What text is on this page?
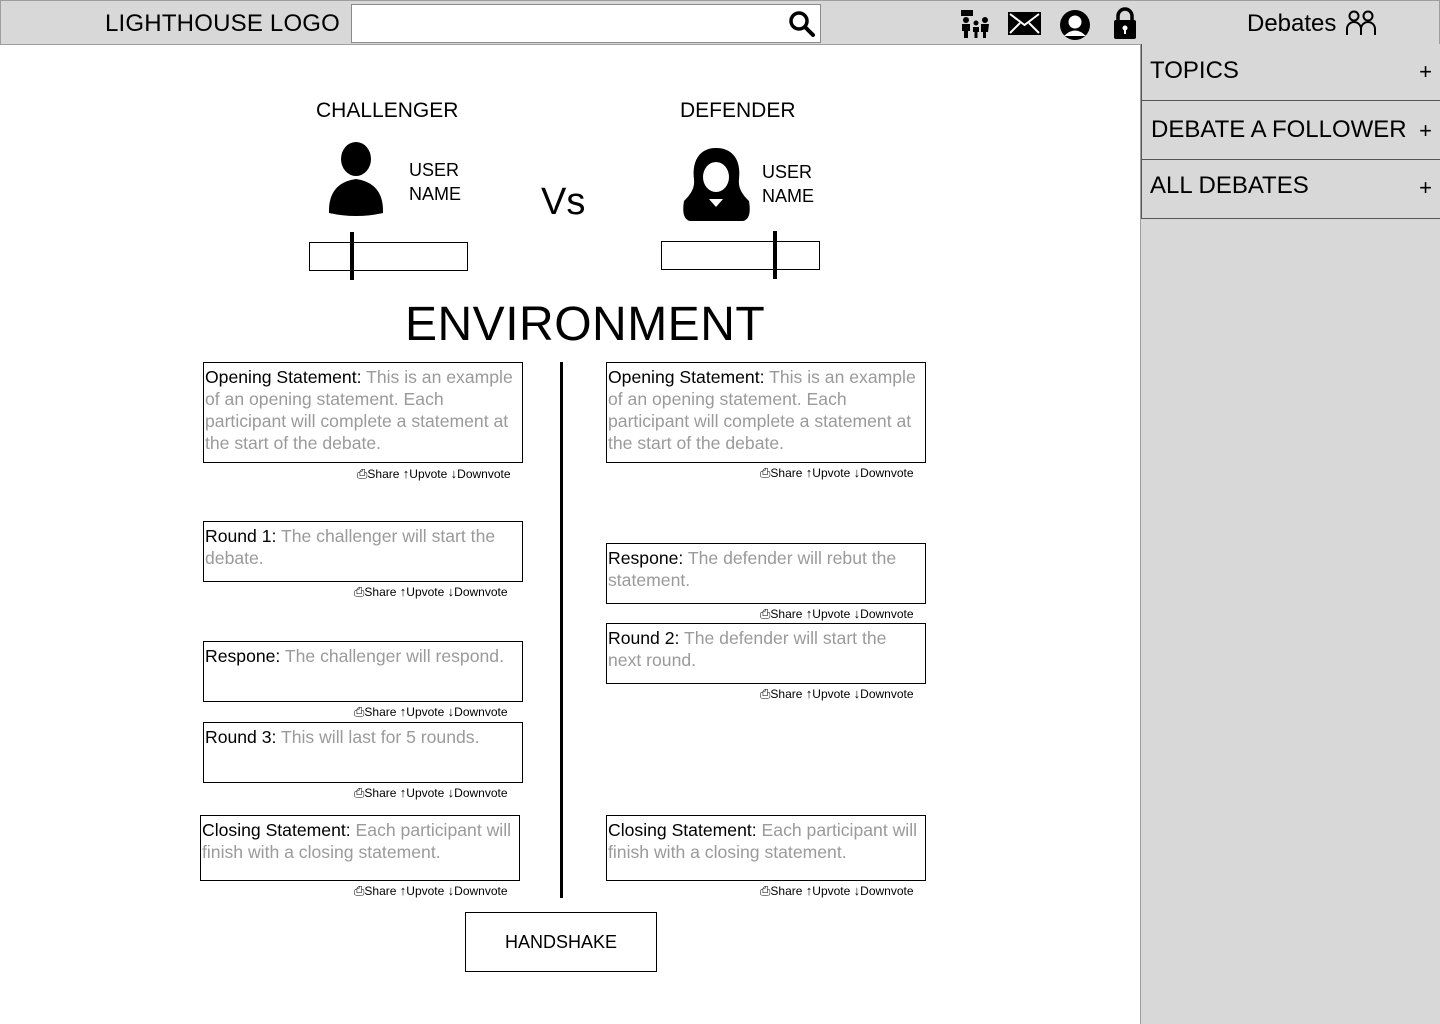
LIGHTHOUSE LOGO	Debates
TOPICS	+
DEBATE A FOLLOWER +
ALL DEBATES	+
CHALLENGER
USER
NAME Vs
DEFENDER
USER
NAME
ENVIRONMENT
Opening Statement: This is an example of an opening statement. Each participant will complete a statement at the start of the debate.
⎙Share ↑Upvote ↓Downvote
Round 1: The challenger will start the debate.
⎙Share ↑Upvote ↓Downvote
Respone: The challenger will respond.
⎙Share ↑Upvote ↓Downvote
Round 3: This will last for 5 rounds.
⎙Share ↑Upvote ↓Downvote
Closing Statement: Each participant will finish with a closing statement.
⎙Share ↑Upvote ↓Downvote
Opening Statement: This is an example of an opening statement. Each participant will complete a statement at the start of the debate.
⎙Share ↑Upvote ↓Downvote
Respone: The defender will rebut the statement.
⎙Share ↑Upvote ↓Downvote
Round 2: The defender will start the next round.
⎙Share ↑Upvote ↓Downvote
Closing Statement: Each participant will finish with a closing statement.
⎙Share ↑Upvote ↓Downvote
HANDSHAKE
